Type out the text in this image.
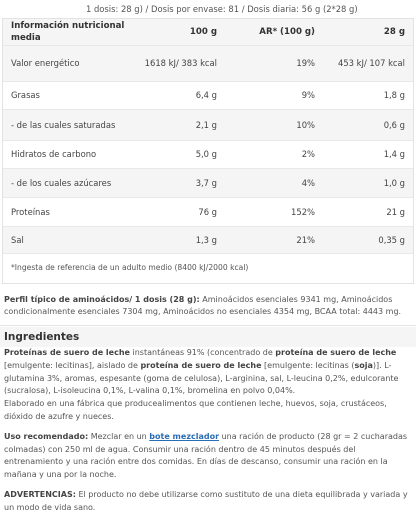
1 dosis: 28 g) / Dosis por envase: 81 / Dosis diaria: 56 g (2*28 g)
Información nutricional media
100 g	AR* (100 g)	28 g
Valor energético	1618 kJ/ 383 kcal	19%	453 kJ/ 107 kcal
Grasas	6,4 g	9%	1,8 g
- de las cuales saturadas	2,1 g	10%	0,6 g
Hidratos de carbono	5,0 g	2%	1,4 g
- de los cuales azúcares	3,7 g	4%	1,0 g
Proteínas	76 g	152%	21 g
Sal	1,3 g	21%	0,35 g
*Ingesta de referencia de un adulto medio (8400 kJ/2000 kcal)
Perfil típico de aminoácidos/ 1 dosis (28 g): Aminoácidos esenciales 9341 mg, Aminoácidos condicionalmente esenciales 7304 mg, Aminoácidos no esenciales 4354 mg, BCAA total: 4443 mg.
Ingredientes
Proteínas de suero de leche instantáneas 91% (concentrado de proteína de suero de leche [emulgente: lecitinas], aislado de proteína de suero de leche [emulgente: lecitinas (soja)]. L-glutamina 3%, aromas, espesante (goma de celulosa), L-arginina, sal, L-leucina 0,2%, edulcorante (sucralosa), L-isoleucina 0,1%, L-valina 0,1%, bromelina en polvo 0,04%.
Elaborado en una fábrica que producealimentos que contienen leche, huevos, soja, crustáceos, dióxido de azufre y nueces.
Uso recomendado: Mezclar en un bote mezclador una ración de producto (28 gr = 2 cucharadas colmadas) con 250 ml de agua. Consumir una ración dentro de 45 minutos después del entrenamiento y una ración entre dos comidas. En días de descanso, consumir una ración en la mañana y una por la noche.
ADVERTENCIAS: El producto no debe utilizarse como sustituto de una dieta equilibrada y variada y un modo de vida sano.
